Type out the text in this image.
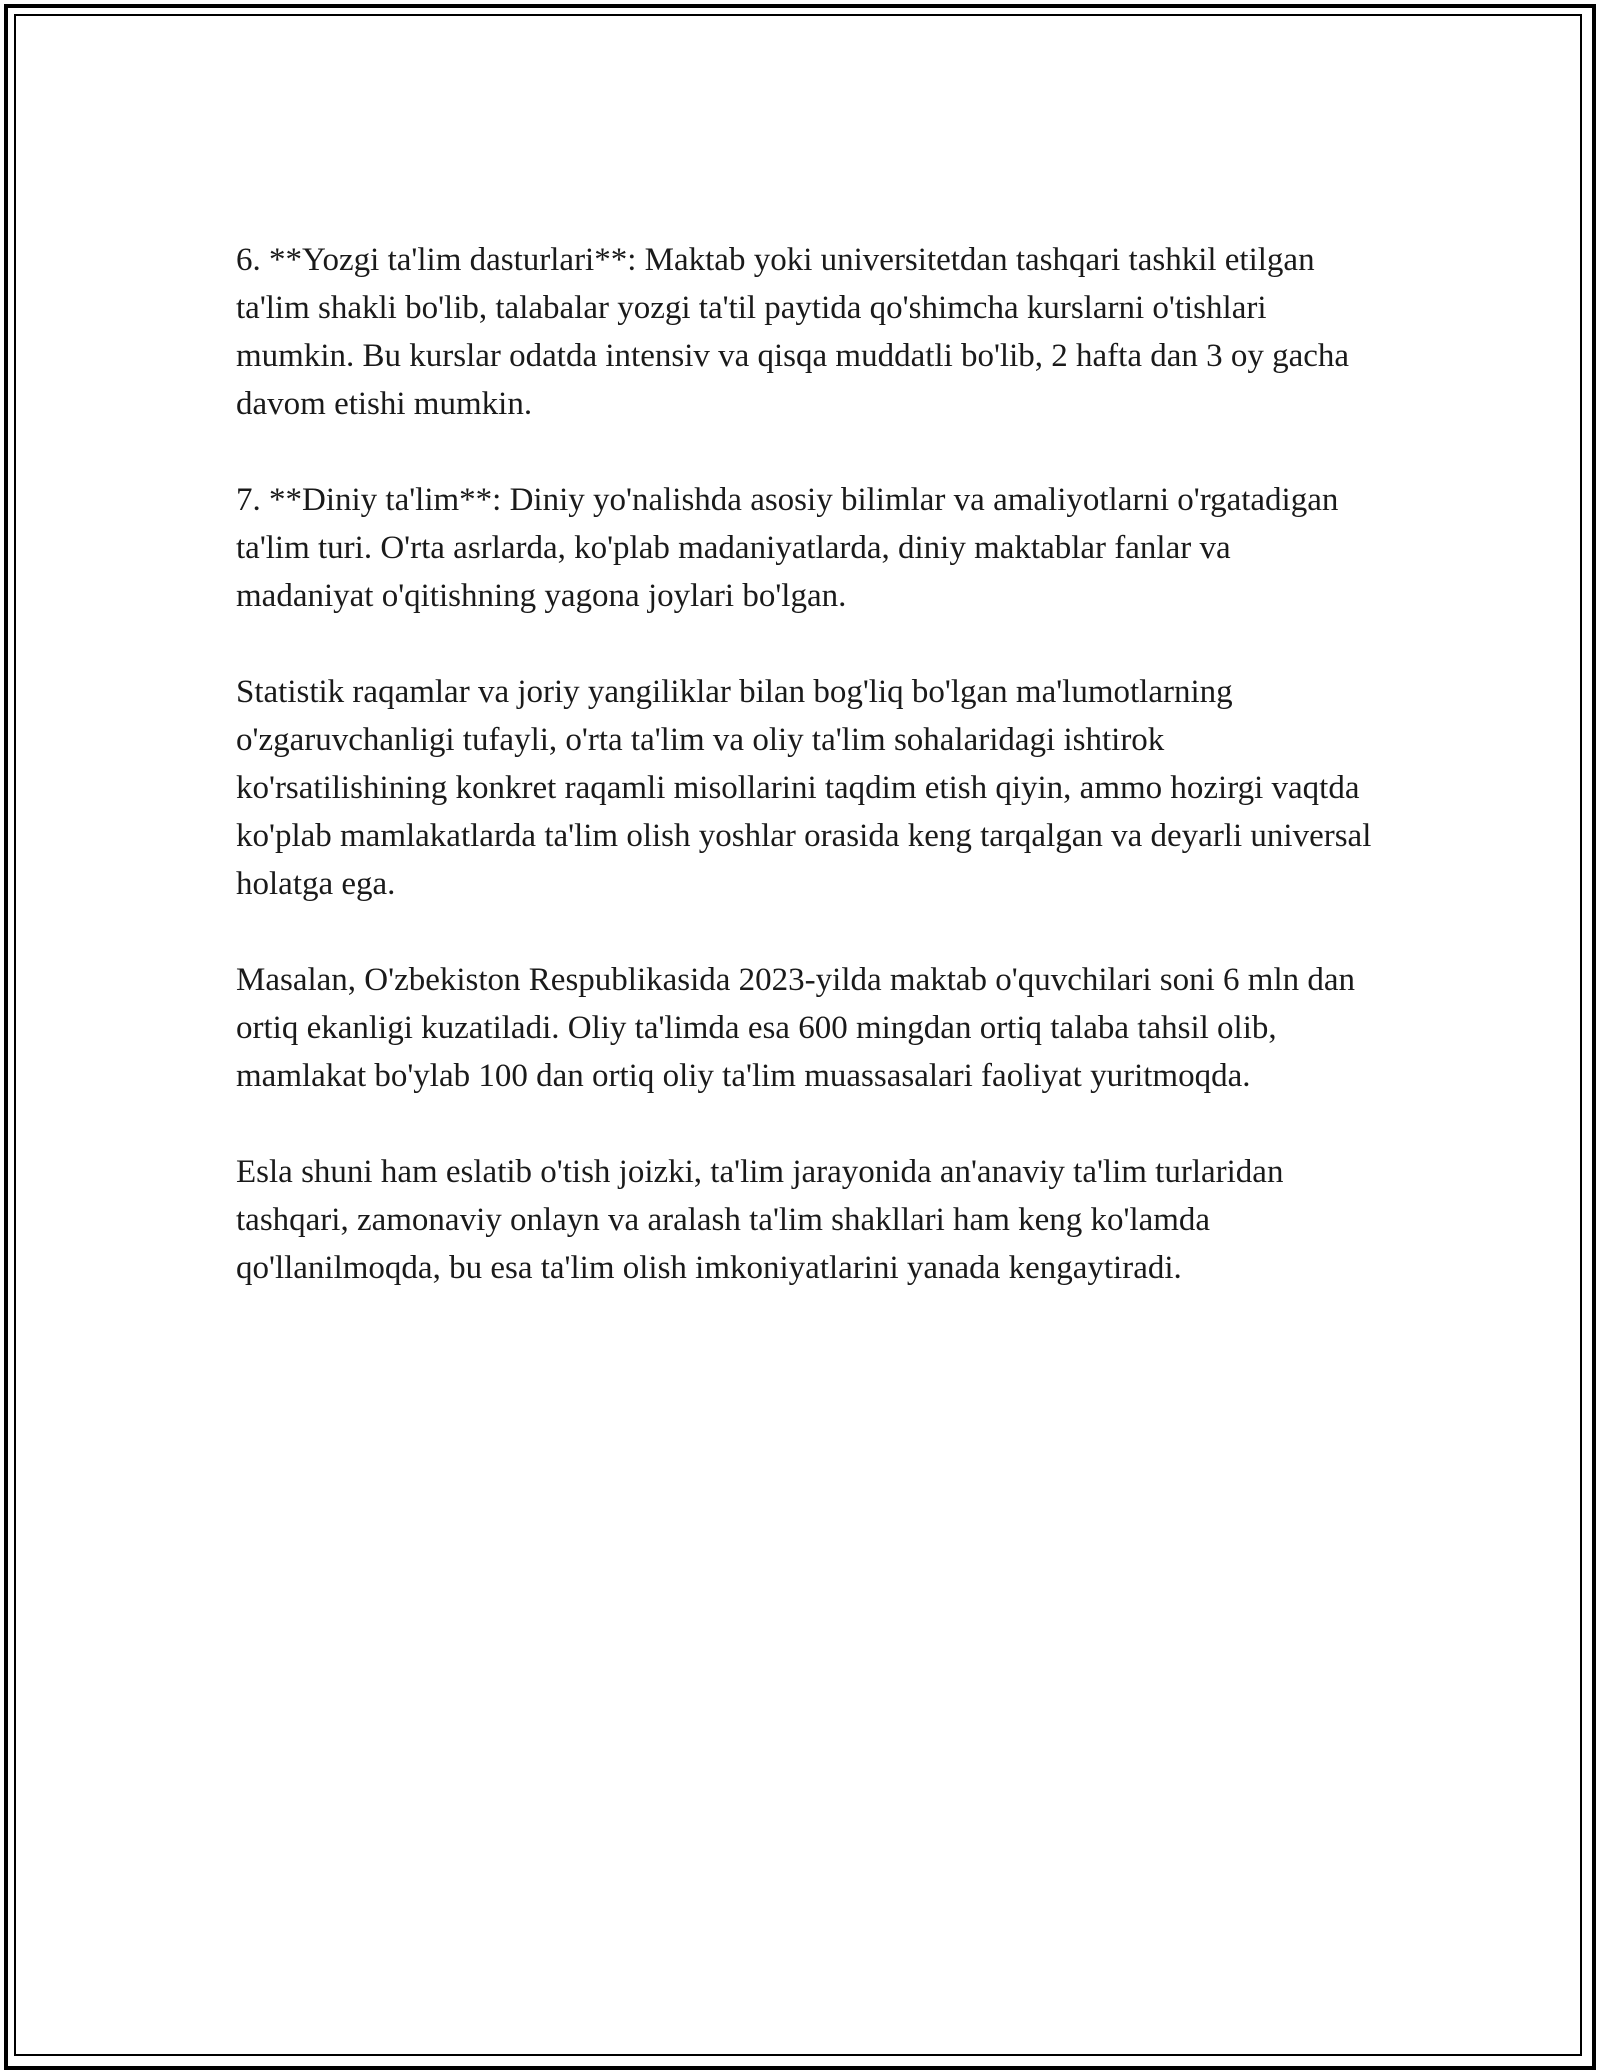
6. **Yozgi ta'lim dasturlari**: Maktab yoki universitetdan tashqari tashkil etilgan ta'lim shakli bo'lib, talabalar yozgi ta'til paytida qo'shimcha kurslarni o'tishlari mumkin. Bu kurslar odatda intensiv va qisqa muddatli bo'lib, 2 hafta dan 3 oy gacha davom etishi mumkin.

7. **Diniy ta'lim**: Diniy yo'nalishda asosiy bilimlar va amaliyotlarni o'rgatadigan ta'lim turi. O'rta asrlarda, ko'plab madaniyatlarda, diniy maktablar fanlar va madaniyat o'qitishning yagona joylari bo'lgan.

Statistik raqamlar va joriy yangiliklar bilan bog'liq bo'lgan ma'lumotlarning o'zgaruvchanligi tufayli, o'rta ta'lim va oliy ta'lim sohalaridagi ishtirok ko'rsatilishining konkret raqamli misollarini taqdim etish qiyin, ammo hozirgi vaqtda ko'plab mamlakatlarda ta'lim olish yoshlar orasida keng tarqalgan va deyarli universal holatga ega.

Masalan, O'zbekiston Respublikasida 2023-yilda maktab o'quvchilari soni 6 mln dan ortiq ekanligi kuzatiladi. Oliy ta'limda esa 600 mingdan ortiq talaba tahsil olib, mamlakat bo'ylab 100 dan ortiq oliy ta'lim muassasalari faoliyat yuritmoqda.

Esla shuni ham eslatib o'tish joizki, ta'lim jarayonida an'anaviy ta'lim turlaridan tashqari, zamonaviy onlayn va aralash ta'lim shakllari ham keng ko'lamda qo'llanilmoqda, bu esa ta'lim olish imkoniyatlarini yanada kengaytiradi.
